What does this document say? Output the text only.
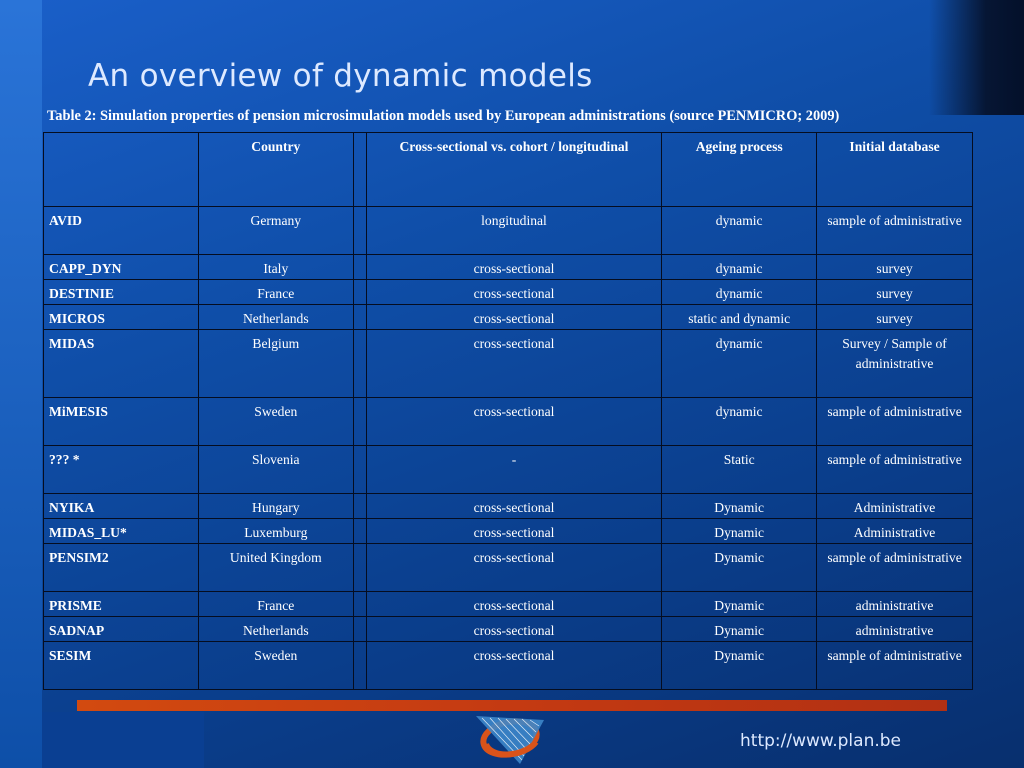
An overview of dynamic models
Table 2: Simulation properties of pension microsimulation models used by European administrations (source PENMICRO; 2009)
	Country		Cross-sectional vs. cohort / longitudinal	Ageing process	Initial database
AVID	Germany		longitudinal	dynamic	sample of administrative
CAPP_DYN	Italy		cross-sectional	dynamic	survey
DESTINIE	France		cross-sectional	dynamic	survey
MICROS	Netherlands		cross-sectional	static and dynamic	survey
MIDAS	Belgium		cross-sectional	dynamic	Survey / Sample of administrative
MiMESIS	Sweden		cross-sectional	dynamic	sample of administrative
??? *	Slovenia		-	Static	sample of administrative
NYIKA	Hungary		cross-sectional	Dynamic	Administrative
MIDAS_LU*	Luxemburg		cross-sectional	Dynamic	Administrative
PENSIM2	United Kingdom		cross-sectional	Dynamic	sample of administrative
PRISME	France		cross-sectional	Dynamic	administrative
SADNAP	Netherlands		cross-sectional	Dynamic	administrative
SESIM	Sweden		cross-sectional	Dynamic	sample of administrative
http://www.plan.be
